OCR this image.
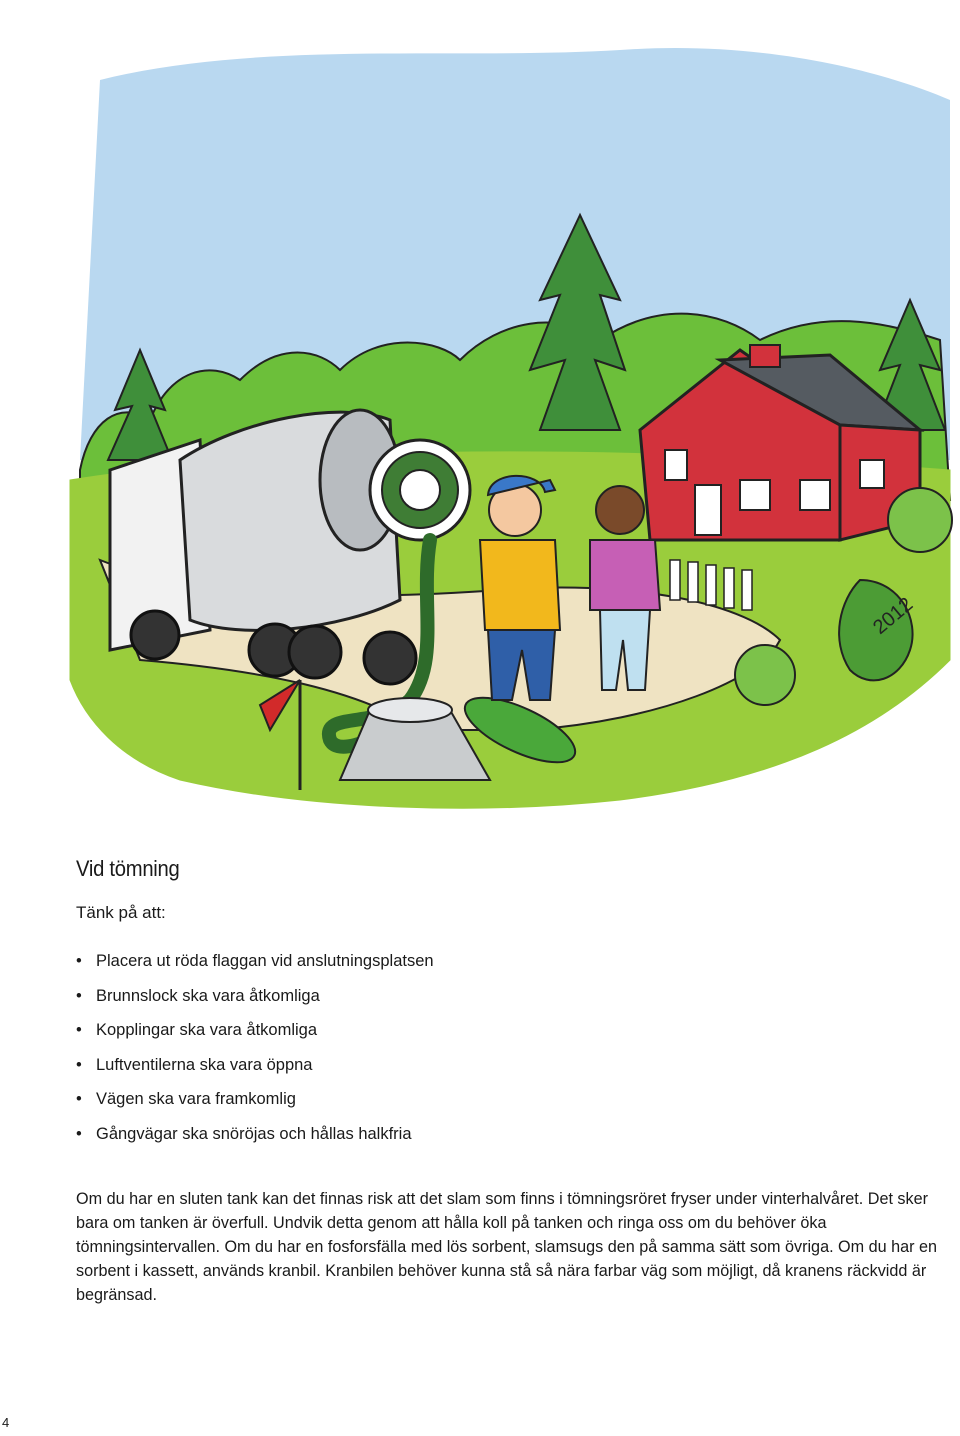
2012
Vid tömning
Tänk på att:
• Placera ut röda flaggan vid anslutningsplatsen
• Brunnslock ska vara åtkomliga
• Kopplingar ska vara åtkomliga
• Luftventilerna ska vara öppna
• Vägen ska vara framkomlig
• Gångvägar ska snöröjas och hållas halkfria

Om du har en sluten tank kan det finnas risk att det slam som finns i tömningsröret fryser under vinterhalvåret. Det sker bara om tanken är överfull. Undvik detta genom att hålla koll på tanken och ringa oss om du behöver öka tömningsintervallen. Om du har en fosforsfälla med lös sorbent, slamsugs den på samma sätt som övriga. Om du har en sorbent i kassett, används kranbil. Kranbilen behöver kunna stå så nära farbar väg som möjligt, då kranens räckvidd är begränsad.

4
